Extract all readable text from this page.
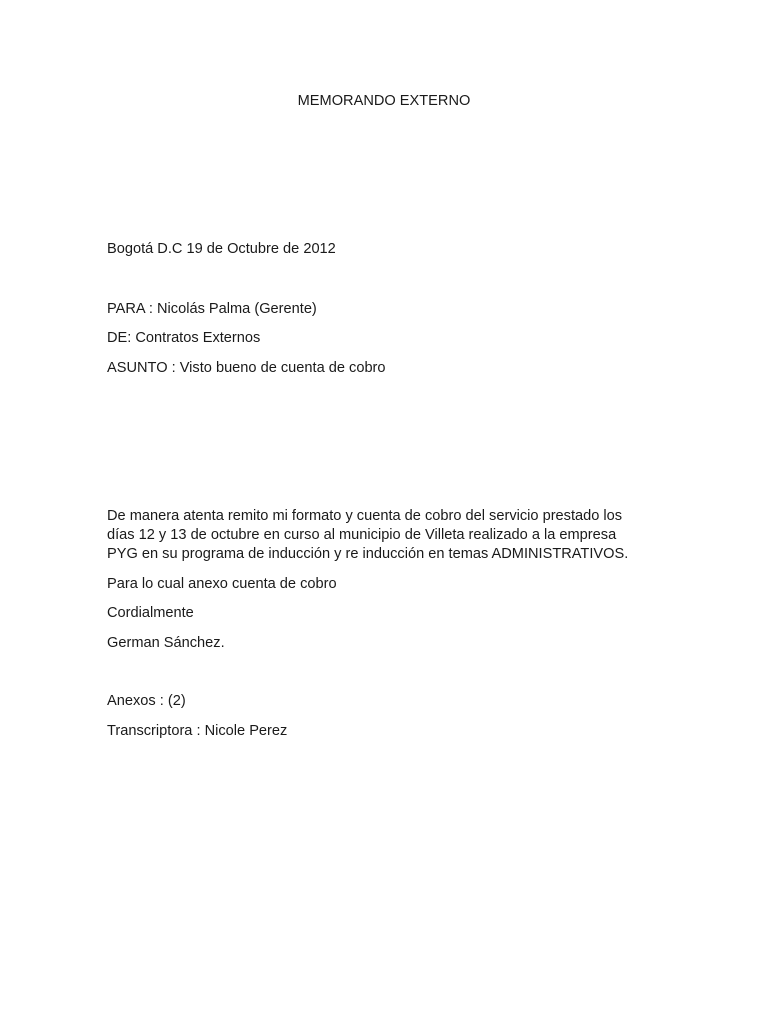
MEMORANDO EXTERNO
Bogotá D.C 19 de Octubre de 2012
PARA : Nicolás Palma (Gerente)
DE: Contratos Externos
ASUNTO : Visto bueno de cuenta de cobro
De manera atenta remito mi formato y cuenta de cobro del servicio prestado los
días 12 y 13 de octubre en curso al municipio de Villeta realizado a la empresa
PYG en su programa de inducción y re inducción en temas ADMINISTRATIVOS.
Para lo cual anexo cuenta de cobro
Cordialmente
German Sánchez.
Anexos : (2)
Transcriptora : Nicole Perez
